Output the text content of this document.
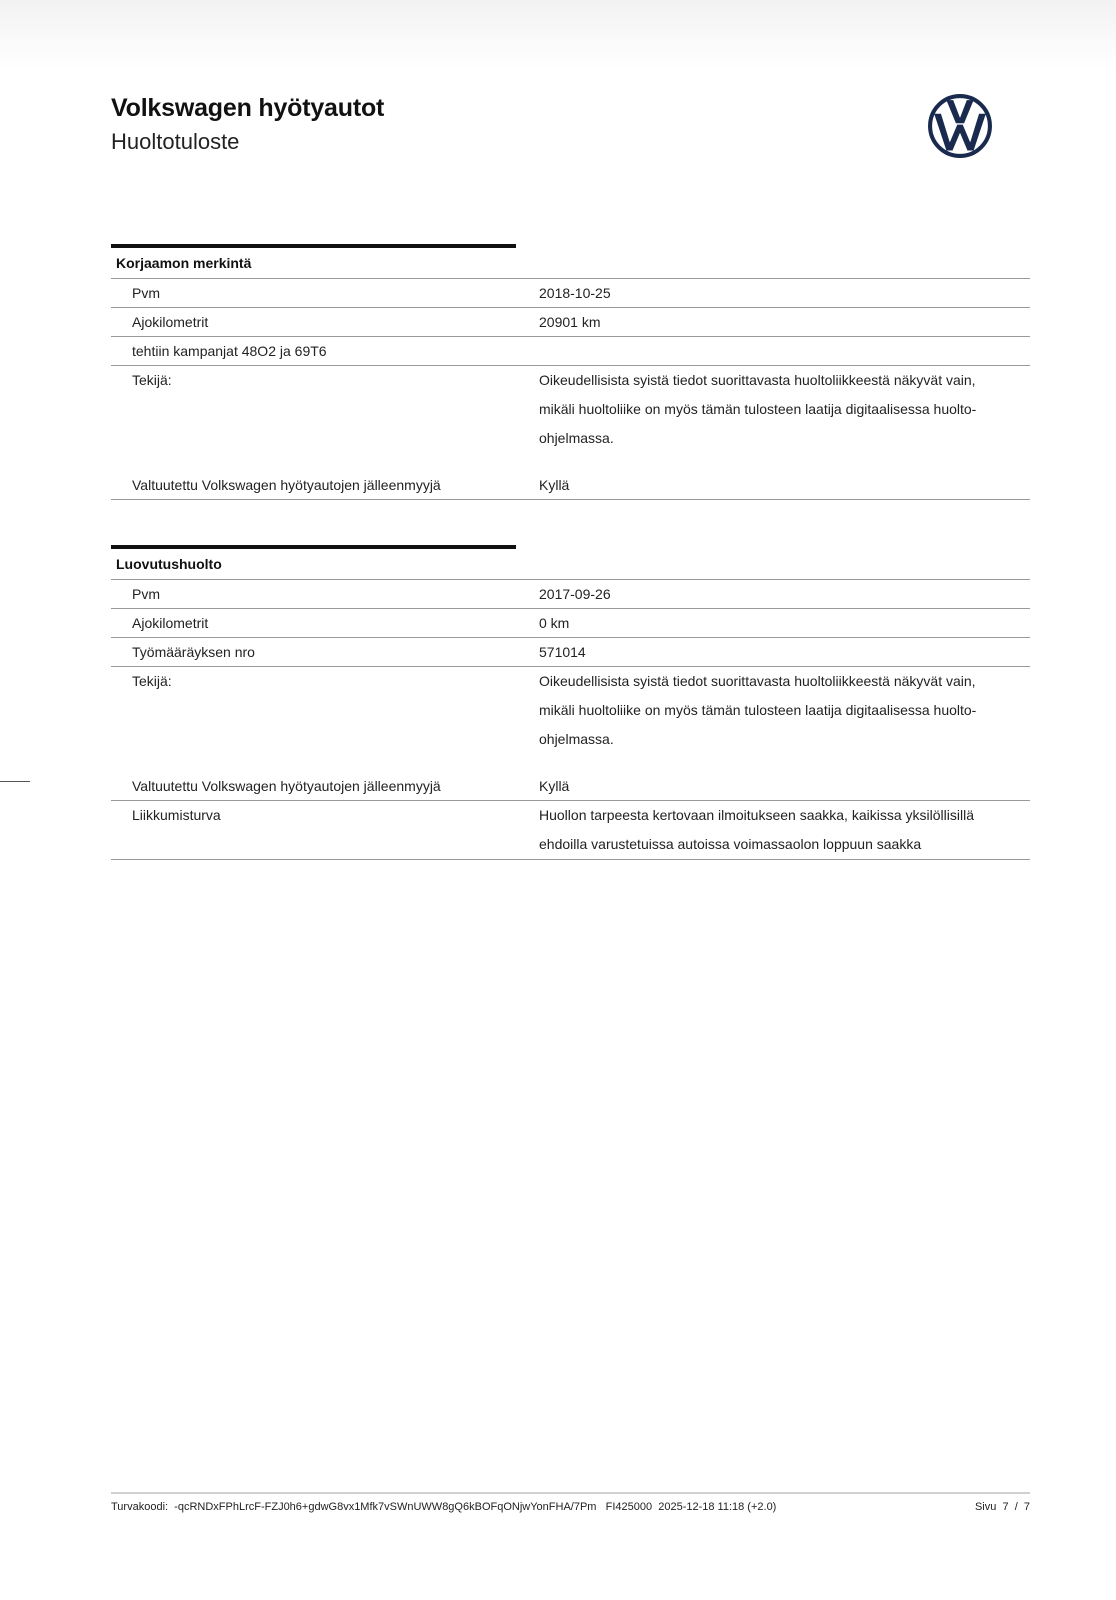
Volkswagen hyötyautot
Huoltotuloste
Korjaamon merkintä
Pvm	2018-10-25
Ajokilometrit	20901 km
tehtiin kampanjat 48O2 ja 69T6
Tekijä:	Oikeudellisista syistä tiedot suorittavasta huoltoliikkeestä näkyvät vain, mikäli huoltoliike on myös tämän tulosteen laatija digitaalisessa huolto-ohjelmassa.
Valtuutettu Volkswagen hyötyautojen jälleenmyyjä	Kyllä
Luovutushuolto
Pvm	2017-09-26
Ajokilometrit	0 km
Työmääräyksen nro	571014
Tekijä:	Oikeudellisista syistä tiedot suorittavasta huoltoliikkeestä näkyvät vain, mikäli huoltoliike on myös tämän tulosteen laatija digitaalisessa huolto-ohjelmassa.
Valtuutettu Volkswagen hyötyautojen jälleenmyyjä	Kyllä
Liikkumisturva	Huollon tarpeesta kertovaan ilmoitukseen saakka, kaikissa yksilöllisillä ehdoilla varustetuissa autoissa voimassaolon loppuun saakka
Turvakoodi:  -qcRNDxFPhLrcF-FZJ0h6+gdwG8vx1Mfk7vSWnUWW8gQ6kBOFqONjwYonFHA/7Pm   FI425000  2025-12-18 11:18 (+2.0)	Sivu  7  /  7
